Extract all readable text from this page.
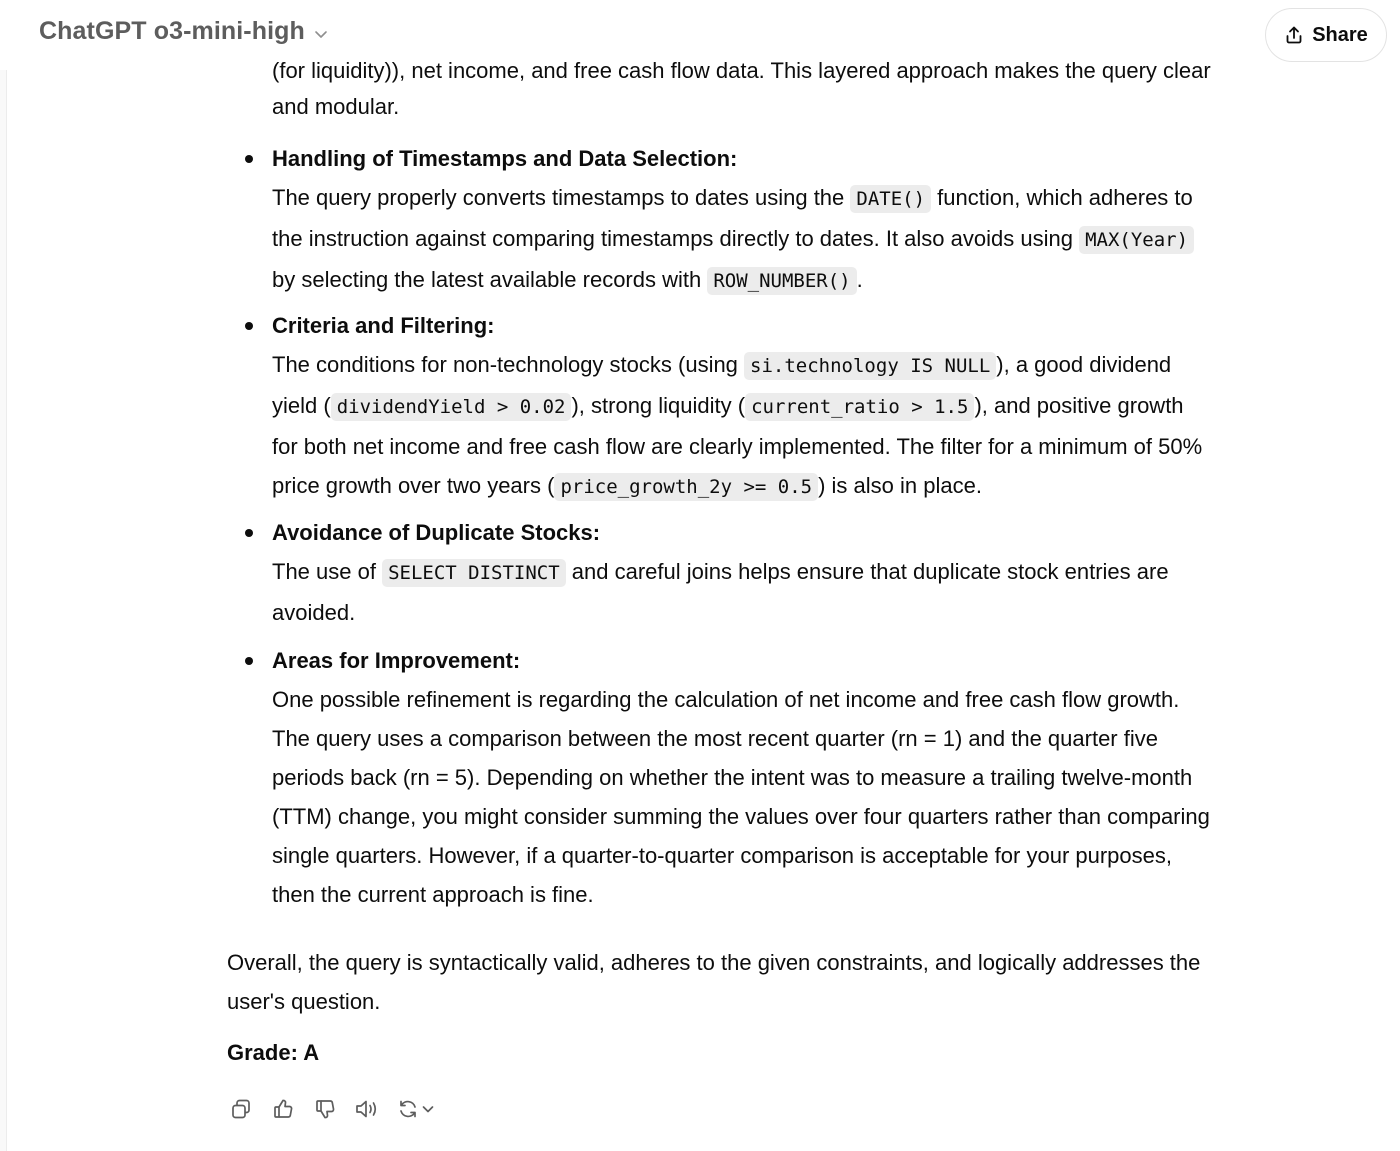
ChatGPT o3-mini-high	Share
(for liquidity)), net income, and free cash flow data. This layered approach makes the query clear

and modular.

Handling of Timestamps and Data Selection:

The query properly converts timestamps to dates using the DATE() function, which adheres to

the instruction against comparing timestamps directly to dates. It also avoids using MAX(Year)

by selecting the latest available records with ROW_NUMBER() .

Criteria and Filtering:

The conditions for non-technology stocks (using si.technology IS NULL ), a good dividend

yield ( dividendYield > 0.02 ), strong liquidity ( current_ratio > 1.5 ), and positive growth

for both net income and free cash flow are clearly implemented. The filter for a minimum of 50%

price growth over two years ( price_growth_2y >= 0.5 ) is also in place.

Avoidance of Duplicate Stocks:

The use of SELECT DISTINCT and careful joins helps ensure that duplicate stock entries are

avoided.

Areas for Improvement:

One possible refinement is regarding the calculation of net income and free cash flow growth.

The query uses a comparison between the most recent quarter (rn = 1) and the quarter five

periods back (rn = 5). Depending on whether the intent was to measure a trailing twelve-month

(TTM) change, you might consider summing the values over four quarters rather than comparing

single quarters. However, if a quarter-to-quarter comparison is acceptable for your purposes,

then the current approach is fine.

Overall, the query is syntactically valid, adheres to the given constraints, and logically addresses the

user's question.

Grade: A
